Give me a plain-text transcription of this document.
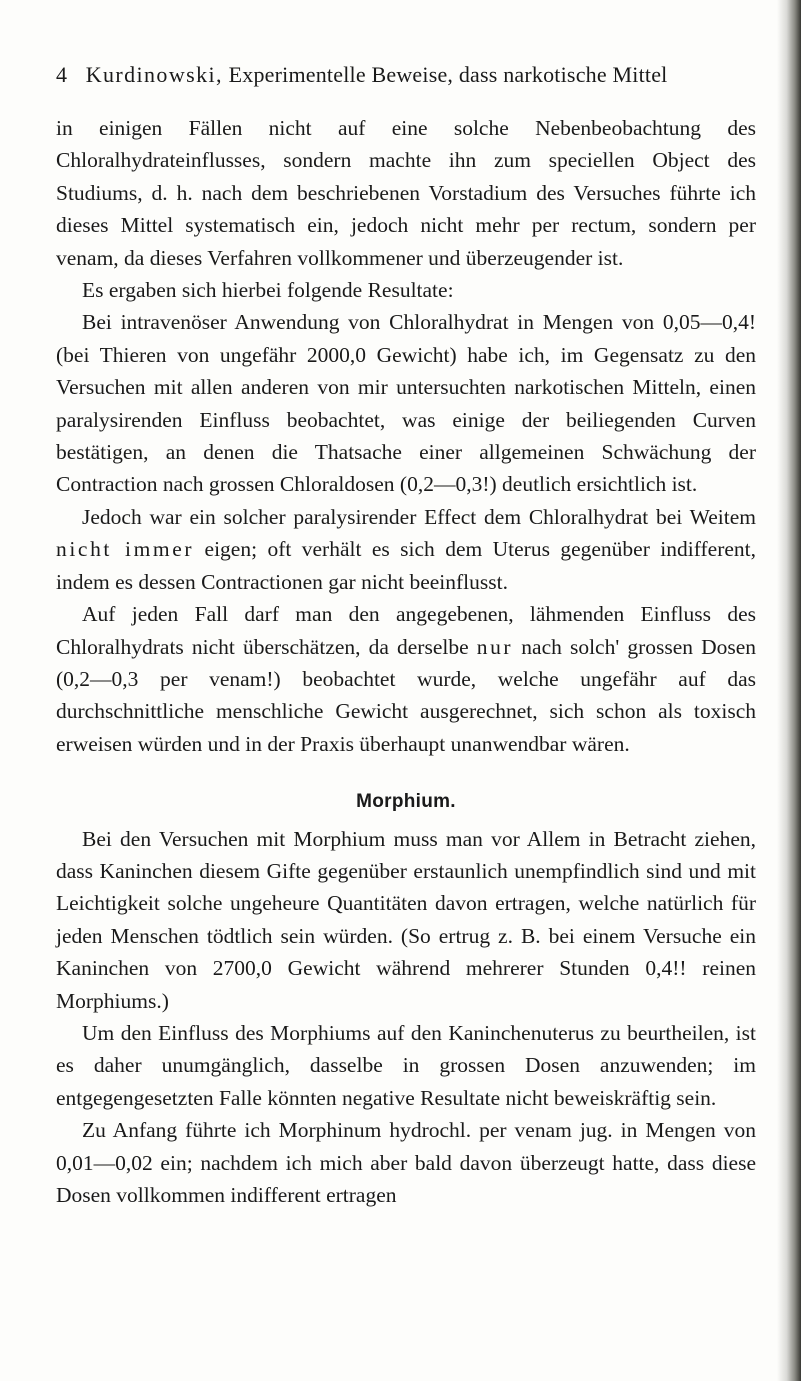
4 Kurdinowski, Experimentelle Beweise, dass narkotische Mittel

in einigen Fällen nicht auf eine solche Nebenbeobachtung des Chloralhydrateinflusses, sondern machte ihn zum speciellen Object des Studiums, d. h. nach dem beschriebenen Vorstadium des Versuches führte ich dieses Mittel systematisch ein, jedoch nicht mehr per rectum, sondern per venam, da dieses Verfahren vollkommener und überzeugender ist.

Es ergaben sich hierbei folgende Resultate:

Bei intravenöser Anwendung von Chloralhydrat in Mengen von 0,05—0,4! (bei Thieren von ungefähr 2000,0 Gewicht) habe ich, im Gegensatz zu den Versuchen mit allen anderen von mir untersuchten narkotischen Mitteln, einen paralysirenden Einfluss beobachtet, was einige der beiliegenden Curven bestätigen, an denen die Thatsache einer allgemeinen Schwächung der Contraction nach grossen Chloraldosen (0,2—0,3!) deutlich ersichtlich ist.

Jedoch war ein solcher paralysirender Effect dem Chloralhydrat bei Weitem nicht immer eigen; oft verhält es sich dem Uterus gegenüber indifferent, indem es dessen Contractionen gar nicht beeinflusst.

Auf jeden Fall darf man den angegebenen, lähmenden Einfluss des Chloralhydrats nicht überschätzen, da derselbe nur nach solch' grossen Dosen (0,2—0,3 per venam!) beobachtet wurde, welche ungefähr auf das durchschnittliche menschliche Gewicht ausgerechnet, sich schon als toxisch erweisen würden und in der Praxis überhaupt unanwendbar wären.

Morphium.

Bei den Versuchen mit Morphium muss man vor Allem in Betracht ziehen, dass Kaninchen diesem Gifte gegenüber erstaunlich unempfindlich sind und mit Leichtigkeit solche ungeheure Quantitäten davon ertragen, welche natürlich für jeden Menschen tödtlich sein würden. (So ertrug z. B. bei einem Versuche ein Kaninchen von 2700,0 Gewicht während mehrerer Stunden 0,4!! reinen Morphiums.)

Um den Einfluss des Morphiums auf den Kaninchenuterus zu beurtheilen, ist es daher unumgänglich, dasselbe in grossen Dosen anzuwenden; im entgegengesetzten Falle könnten negative Resultate nicht beweiskräftig sein.

Zu Anfang führte ich Morphinum hydrochl. per venam jug. in Mengen von 0,01—0,02 ein; nachdem ich mich aber bald davon überzeugt hatte, dass diese Dosen vollkommen indifferent ertragen
